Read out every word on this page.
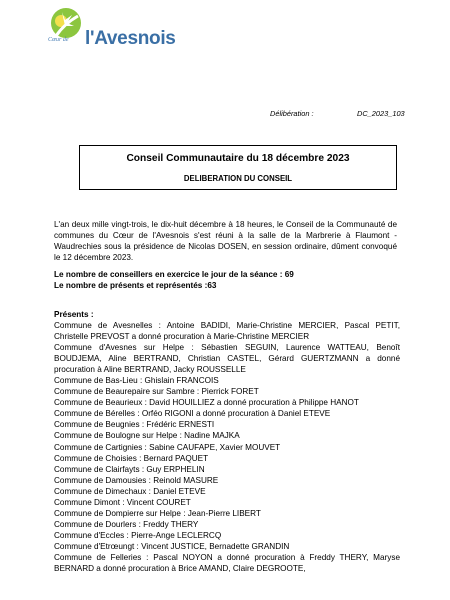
Cœur de l'Avesnois
Délibération :	DC_2023_103
Conseil Communautaire du 18 décembre 2023
DELIBERATION DU CONSEIL

L'an deux mille vingt-trois, le dix-huit décembre à 18 heures, le Conseil de la Communauté de communes du Cœur de l'Avesnois s'est réuni à la salle de la Marbrerie à Flaumont -Waudrechies sous la présidence de Nicolas DOSEN, en session ordinaire, dûment convoqué le 12 décembre 2023.

Le nombre de conseillers en exercice le jour de la séance : 69
Le nombre de présents et représentés :63
Présents :
Commune de Avesnelles : Antoine BADIDI, Marie-Christine MERCIER, Pascal PETIT, Christelle PREVOST a donné procuration à Marie-Christine MERCIER
Commune d'Avesnes sur Helpe : Sébastien SEGUIN, Laurence WATTEAU, Benoît BOUDJEMA, Aline BERTRAND, Christian CASTEL, Gérard GUERTZMANN a donné procuration à Aline BERTRAND, Jacky ROUSSELLE
Commune de Bas-Lieu : Ghislain FRANCOIS
Commune de Beaurepaire sur Sambre : Pierrick FORET
Commune de Beaurieux : David HOUILLIEZ a donné procuration à Philippe HANOT
Commune de Bérelles : Orféo RIGONI a donné procuration à Daniel ETEVE
Commune de Beugnies : Frédéric ERNESTI
Commune de Boulogne sur Helpe : Nadine MAJKA
Commune de Cartignies : Sabine CAUFAPE, Xavier MOUVET
Commune de Choisies : Bernard PAQUET
Commune de Clairfayts : Guy ERPHELIN
Commune de Damousies : Reinold MASURE
Commune de Dimechaux : Daniel ETEVE
Commune Dimont : Vincent COURET
Commune de Dompierre sur Helpe : Jean-Pierre LIBERT
Commune de Dourlers : Freddy THERY
Commune d'Eccles : Pierre-Ange LECLERCQ
Commune d'Etrœungt : Vincent JUSTICE, Bernadette GRANDIN
Commune de Felleries : Pascal NOYON a donné procuration à Freddy THERY, Maryse BERNARD a donné procuration à Brice AMAND, Claire DEGROOTE,
